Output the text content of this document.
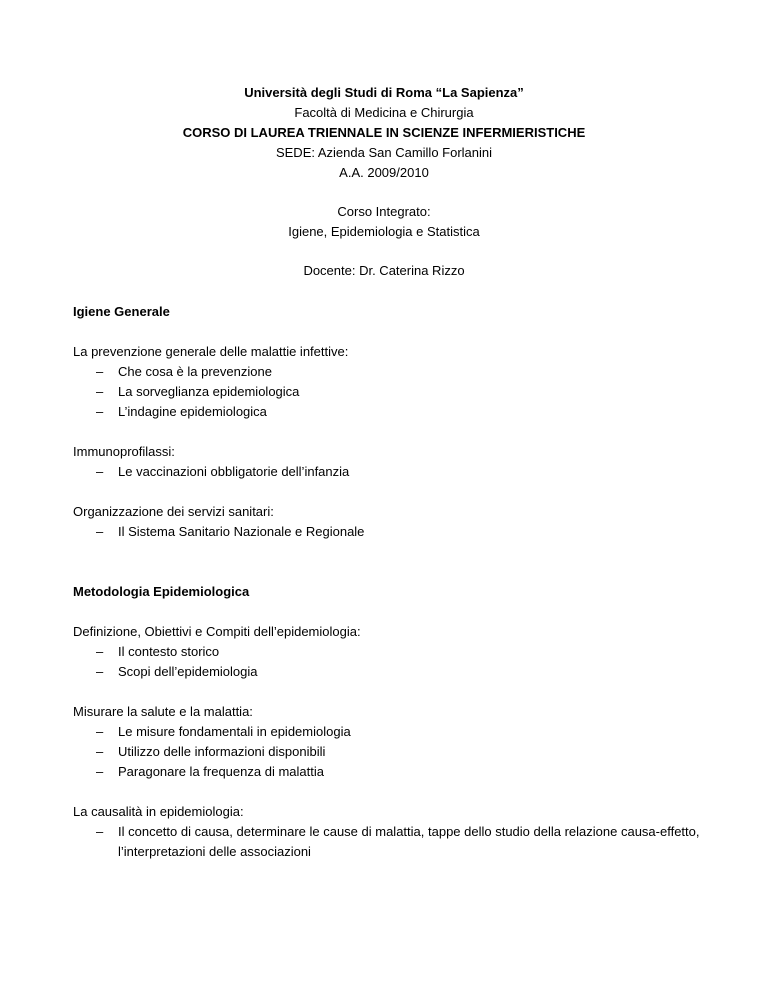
Università degli Studi di Roma “La Sapienza”
Facoltà di Medicina e Chirurgia
CORSO DI LAUREA TRIENNALE IN SCIENZE INFERMIERISTICHE
SEDE: Azienda San Camillo Forlanini
A.A. 2009/2010
Corso Integrato:
Igiene, Epidemiologia e Statistica
Docente: Dr. Caterina Rizzo
Igiene Generale
La prevenzione generale delle malattie infettive:
– Che cosa è la prevenzione
– La sorveglianza epidemiologica
– L’indagine epidemiologica
Immunoprofilassi:
– Le vaccinazioni obbligatorie dell’infanzia
Organizzazione dei servizi sanitari:
– Il Sistema Sanitario Nazionale e Regionale
Metodologia Epidemiologica
Definizione, Obiettivi e Compiti dell’epidemiologia:
– Il contesto storico
– Scopi dell’epidemiologia
Misurare la salute e la malattia:
– Le misure fondamentali in epidemiologia
– Utilizzo delle informazioni disponibili
– Paragonare la frequenza di malattia
La causalità in epidemiologia:
– Il concetto di causa, determinare le cause di malattia, tappe dello studio della relazione causa-effetto, l’interpretazioni delle associazioni
